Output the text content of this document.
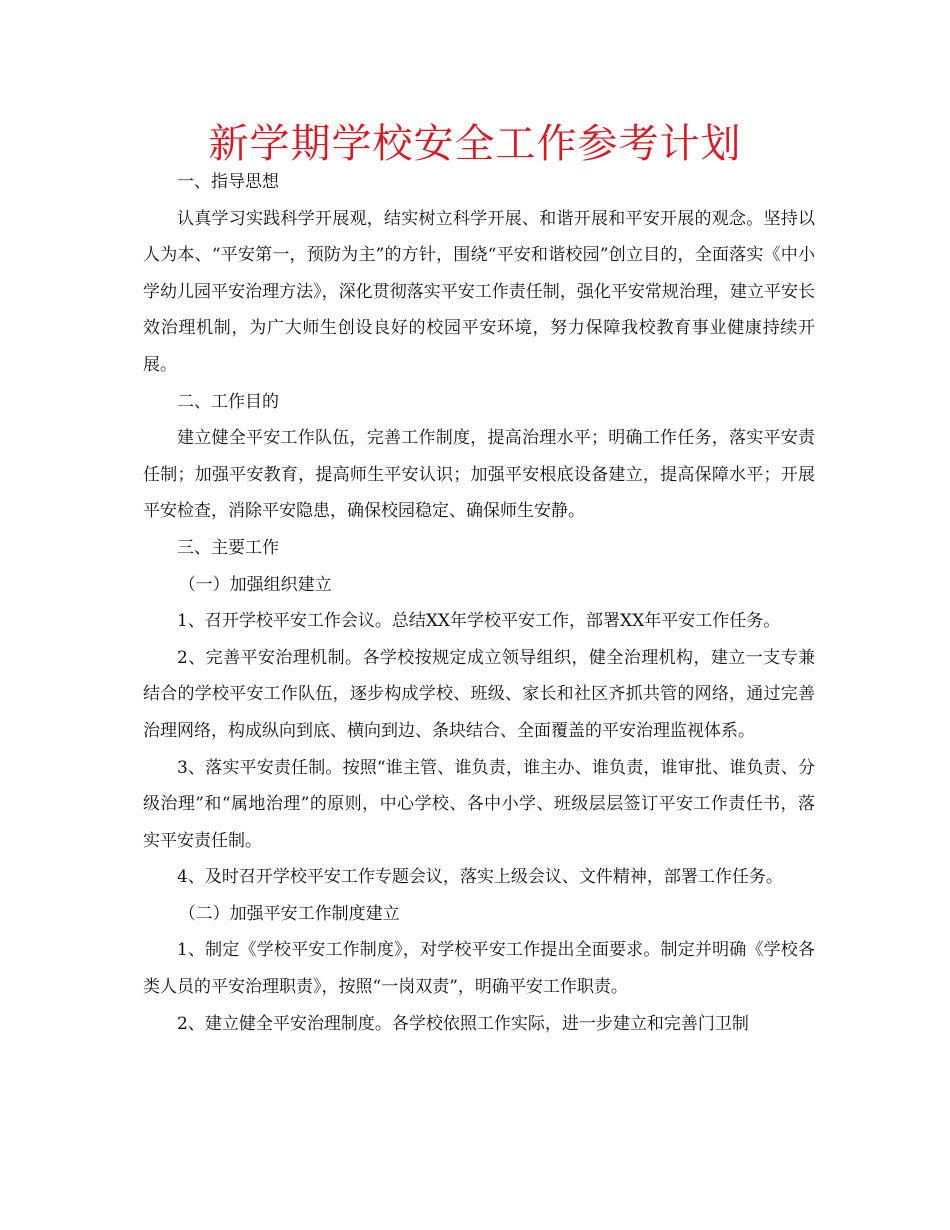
新学期学校安全工作参考计划

一、指导思想

认真学习实践科学开展观，结实树立科学开展、和谐开展和平安开展的观念。坚持以人为本、“平安第一，预防为主”的方针，围绕“平安和谐校园”创立目的，全面落实《中小学幼儿园平安治理方法》，深化贯彻落实平安工作责任制，强化平安常规治理，建立平安长效治理机制，为广大师生创设良好的校园平安环境，努力保障我校教育事业健康持续开展。

二、工作目的

建立健全平安工作队伍，完善工作制度，提高治理水平；明确工作任务，落实平安责任制；加强平安教育，提高师生平安认识；加强平安根底设备建立，提高保障水平；开展平安检查，消除平安隐患，确保校园稳定、确保师生安静。

三、主要工作

（一）加强组织建立

1、召开学校平安工作会议。总结XX年学校平安工作，部署XX年平安工作任务。

2、完善平安治理机制。各学校按规定成立领导组织，健全治理机构，建立一支专兼结合的学校平安工作队伍，逐步构成学校、班级、家长和社区齐抓共管的网络，通过完善治理网络，构成纵向到底、横向到边、条块结合、全面覆盖的平安治理监视体系。

3、落实平安责任制。按照“谁主管、谁负责，谁主办、谁负责，谁审批、谁负责、分级治理”和“属地治理”的原则，中心学校、各中小学、班级层层签订平安工作责任书，落实平安责任制。

4、及时召开学校平安工作专题会议，落实上级会议、文件精神，部署工作任务。

（二）加强平安工作制度建立

1、制定《学校平安工作制度》，对学校平安工作提出全面要求。制定并明确《学校各类人员的平安治理职责》，按照“一岗双责”，明确平安工作职责。

2、建立健全平安治理制度。各学校依照工作实际，进一步建立和完善门卫制
